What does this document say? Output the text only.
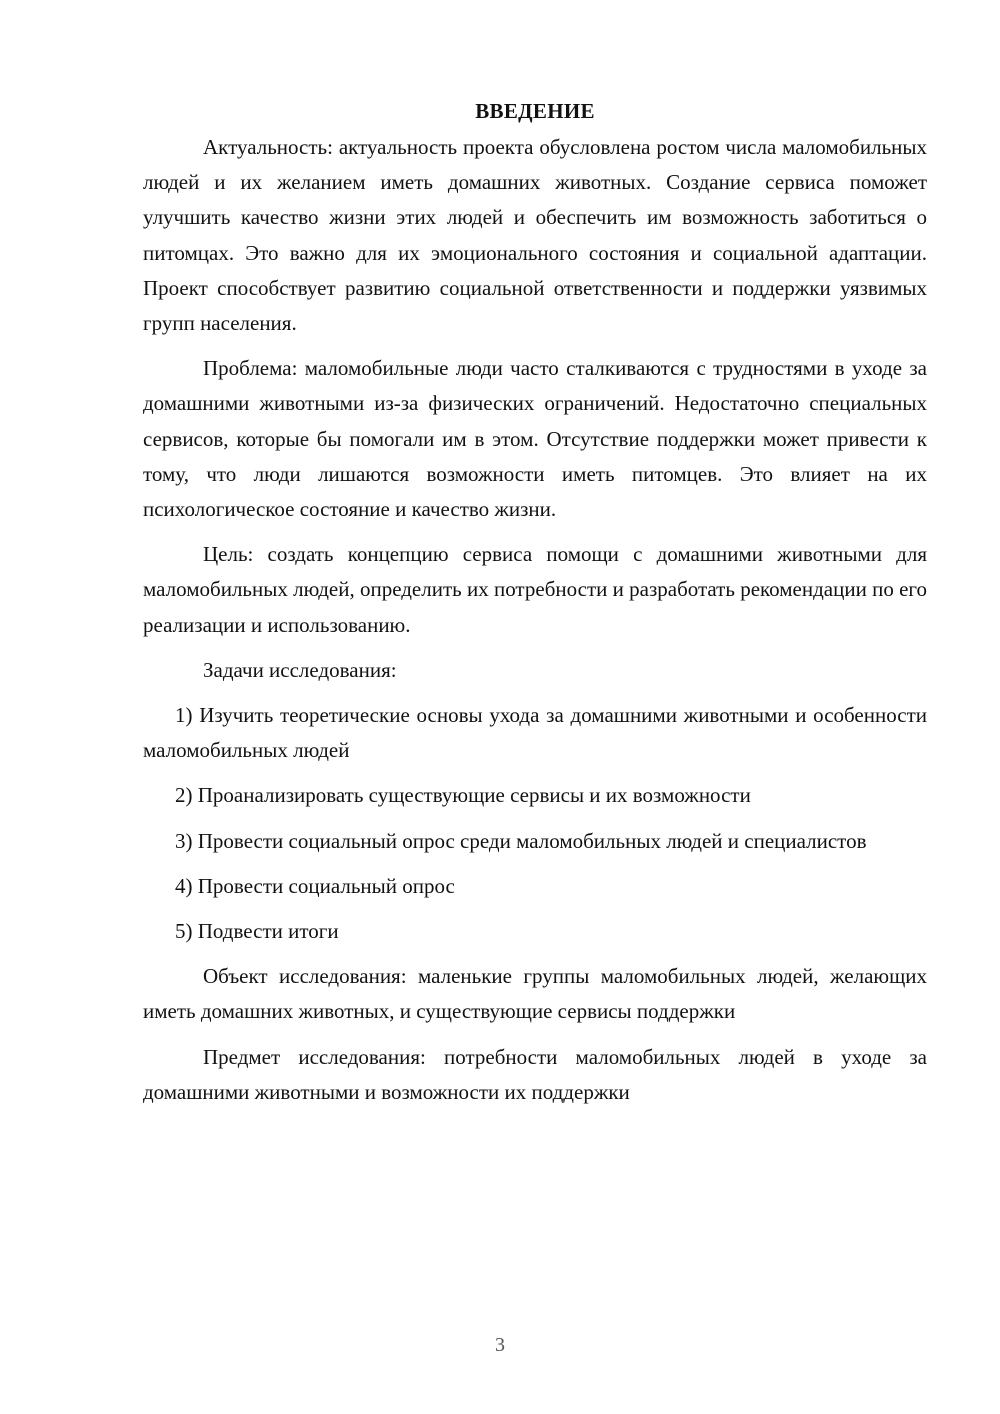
ВВЕДЕНИЕ

Актуальность: актуальность проекта обусловлена ростом числа маломобильных людей и их желанием иметь домашних животных. Создание сервиса поможет улучшить качество жизни этих людей и обеспечить им возможность заботиться о питомцах. Это важно для их эмоционального состояния и социальной адаптации. Проект способствует развитию социальной ответственности и поддержки уязвимых групп населения.

Проблема: маломобильные люди часто сталкиваются с трудностями в уходе за домашними животными из-за физических ограничений. Недостаточно специальных сервисов, которые бы помогали им в этом. Отсутствие поддержки может привести к тому, что люди лишаются возможности иметь питомцев. Это влияет на их психологическое состояние и качество жизни.

Цель: создать концепцию сервиса помощи с домашними животными для маломобильных людей, определить их потребности и разработать рекомендации по его реализации и использованию.

Задачи исследования:

1) Изучить теоретические основы ухода за домашними животными и особенности маломобильных людей

2) Проанализировать существующие сервисы и их возможности

3) Провести социальный опрос среди маломобильных людей и специалистов

4) Провести социальный опрос

5) Подвести итоги

Объект исследования: маленькие группы маломобильных людей, желающих иметь домашних животных, и существующие сервисы поддержки

Предмет исследования: потребности маломобильных людей в уходе за домашними животными и возможности их поддержки

3
